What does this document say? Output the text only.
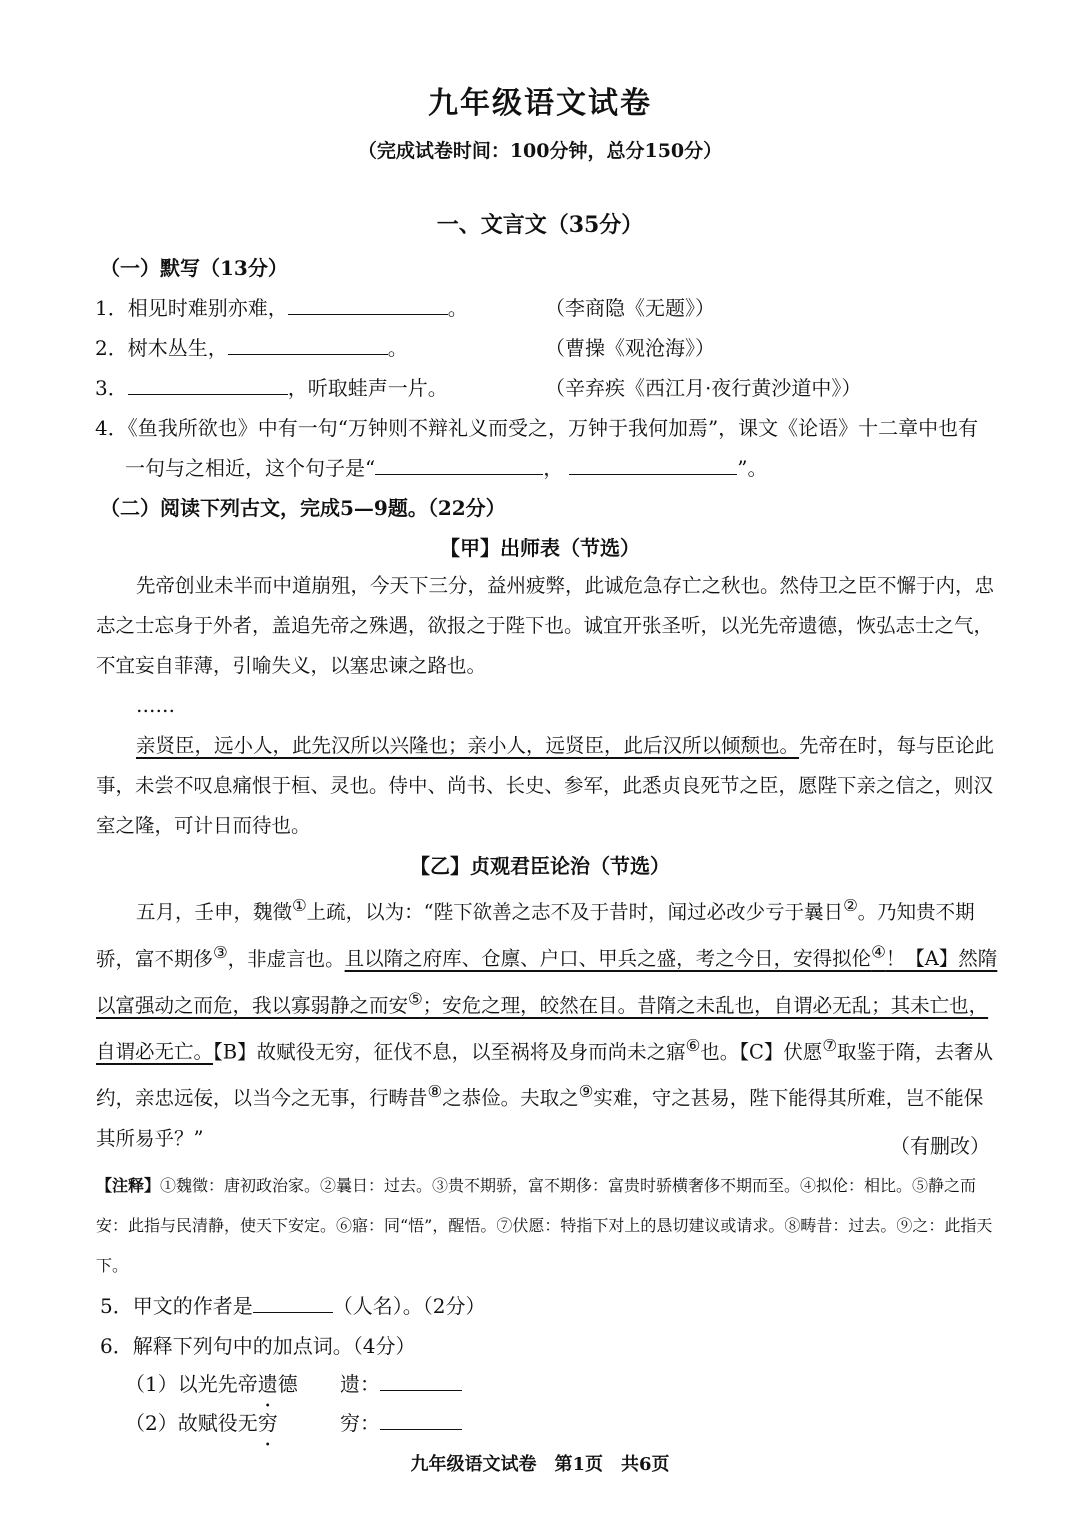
九年级语文试卷
（完成试卷时间：100分钟，总分150分）
一、文言文（35分）
（一）默写（13分）
1．相见时难别亦难，	。	（李商隐《无题》）
2．树木丛生，	。	（曹操《观沧海》）
3．	，听取蛙声一片。	（辛弃疾《西江月·夜行黄沙道中》）
4．《鱼我所欲也》中有一句“万钟则不辩礼义而受之，万钟于我何加焉”，课文《论语》十二章中也有
一句与之相近，这个句子是“	，	”。
（二）阅读下列古文，完成5—9题。（22分）
【甲】出师表（节选）

先帝创业未半而中道崩殂，今天下三分，益州疲弊，此诚危急存亡之秋也。然侍卫之臣不懈于内，忠志之士忘身于外者，盖追先帝之殊遇，欲报之于陛下也。诚宜开张圣听，以光先帝遗德，恢弘志士之气，不宜妄自菲薄，引喻失义，以塞忠谏之路也。

……

亲贤臣，远小人，此先汉所以兴隆也；亲小人，远贤臣，此后汉所以倾颓也。先帝在时，每与臣论此事，未尝不叹息痛恨于桓、灵也。侍中、尚书、长史、参军，此悉贞良死节之臣，愿陛下亲之信之，则汉室之隆，可计日而待也。

【乙】贞观君臣论治（节选）

五月，壬申，魏徵①上疏，以为：“陛下欲善之志不及于昔时，闻过必改少亏于曩日②。乃知贵不期骄，富不期侈③，非虚言也。且以隋之府库、仓廪、户口、甲兵之盛，考之今日，安得拟伦④！【A】然隋以富强动之而危，我以寡弱静之而安⑤；安危之理，皎然在目。昔隋之未乱也，自谓必无乱；其未亡也，自谓必无亡。【B】故赋役无穷，征伐不息，以至祸将及身而尚未之寤⑥也。【C】伏愿⑦取鉴于隋，去奢从约，亲忠远佞，以当今之无事，行畴昔⑧之恭俭。夫取之⑨实难，守之甚易，陛下能得其所难，岂不能保其所易乎？”	（有删改）
【注释】①魏徵：唐初政治家。②曩日：过去。③贵不期骄，富不期侈：富贵时骄横奢侈不期而至。④拟伦：相比。⑤静之而安：此指与民清静，使天下安定。⑥寤：同“悟”，醒悟。⑦伏愿：特指下对上的恳切建议或请求。⑧畴昔：过去。⑨之：此指天下。
5．甲文的作者是	（人名）。（2分）
6．解释下列句中的加点词。（4分）
（1）以光先帝遗德 遗：
（2）故赋役无穷	穷：
九年级语文试卷　第1页　共6页
